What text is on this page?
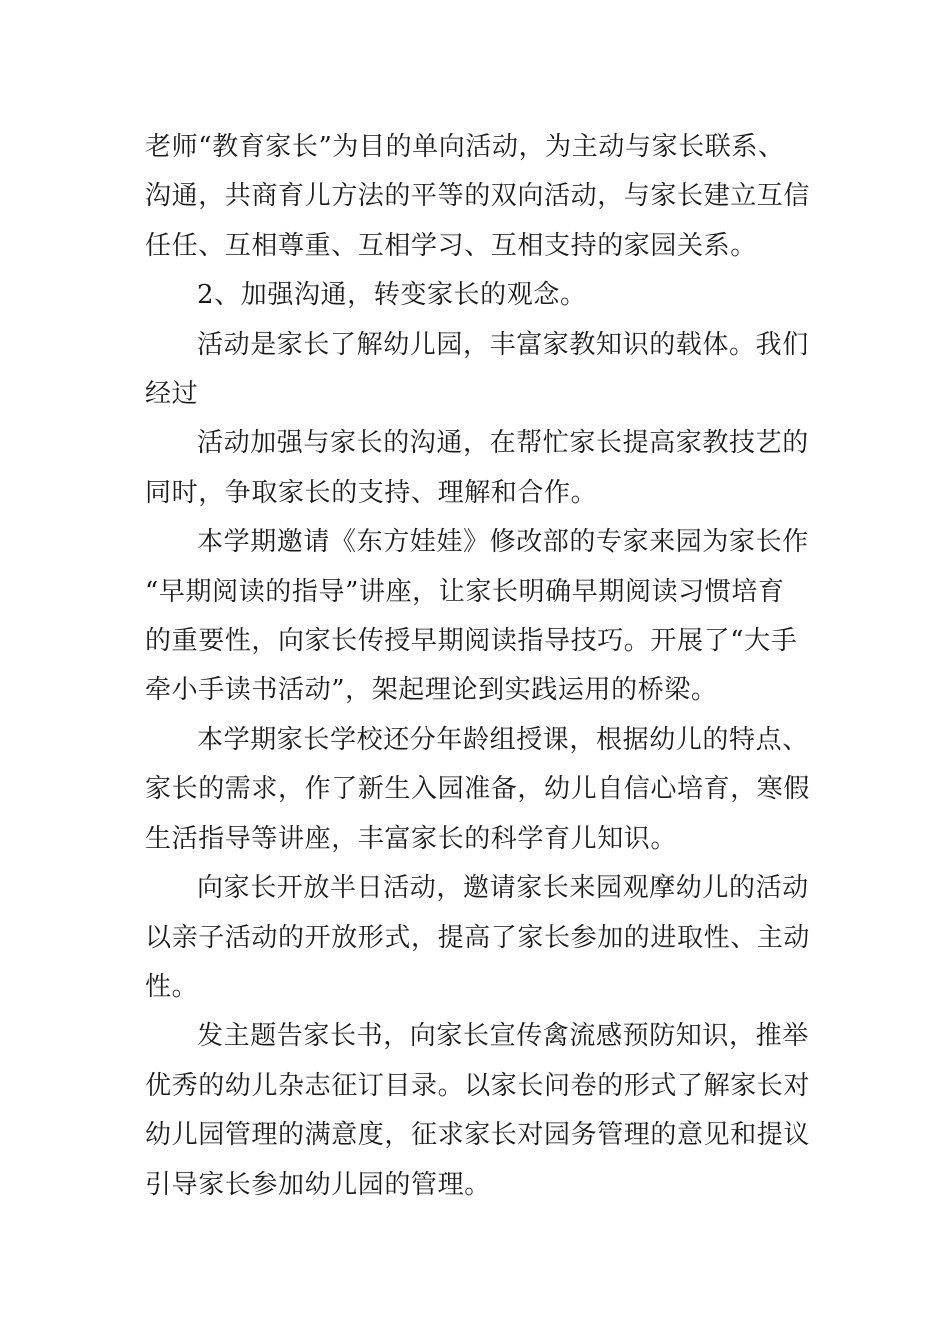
老师“教育家长”为目的单向活动，为主动与家长联系、
沟通，共商育儿方法的平等的双向活动，与家长建立互信
任任、互相尊重、互相学习、互相支持的家园关系。

2、加强沟通，转变家长的观念。

活动是家长了解幼儿园，丰富家教知识的载体。我们
经过

活动加强与家长的沟通，在帮忙家长提高家教技艺的
同时，争取家长的支持、理解和合作。

本学期邀请《东方娃娃》修改部的专家来园为家长作
“早期阅读的指导”讲座，让家长明确早期阅读习惯培育
的重要性，向家长传授早期阅读指导技巧。开展了“大手
牵小手读书活动”，架起理论到实践运用的桥梁。

本学期家长学校还分年龄组授课，根据幼儿的特点、
家长的需求，作了新生入园准备，幼儿自信心培育，寒假
生活指导等讲座，丰富家长的科学育儿知识。

向家长开放半日活动，邀请家长来园观摩幼儿的活动
以亲子活动的开放形式，提高了家长参加的进取性、主动
性。

发主题告家长书，向家长宣传禽流感预防知识，推举
优秀的幼儿杂志征订目录。以家长问卷的形式了解家长对
幼儿园管理的满意度，征求家长对园务管理的意见和提议
引导家长参加幼儿园的管理。
